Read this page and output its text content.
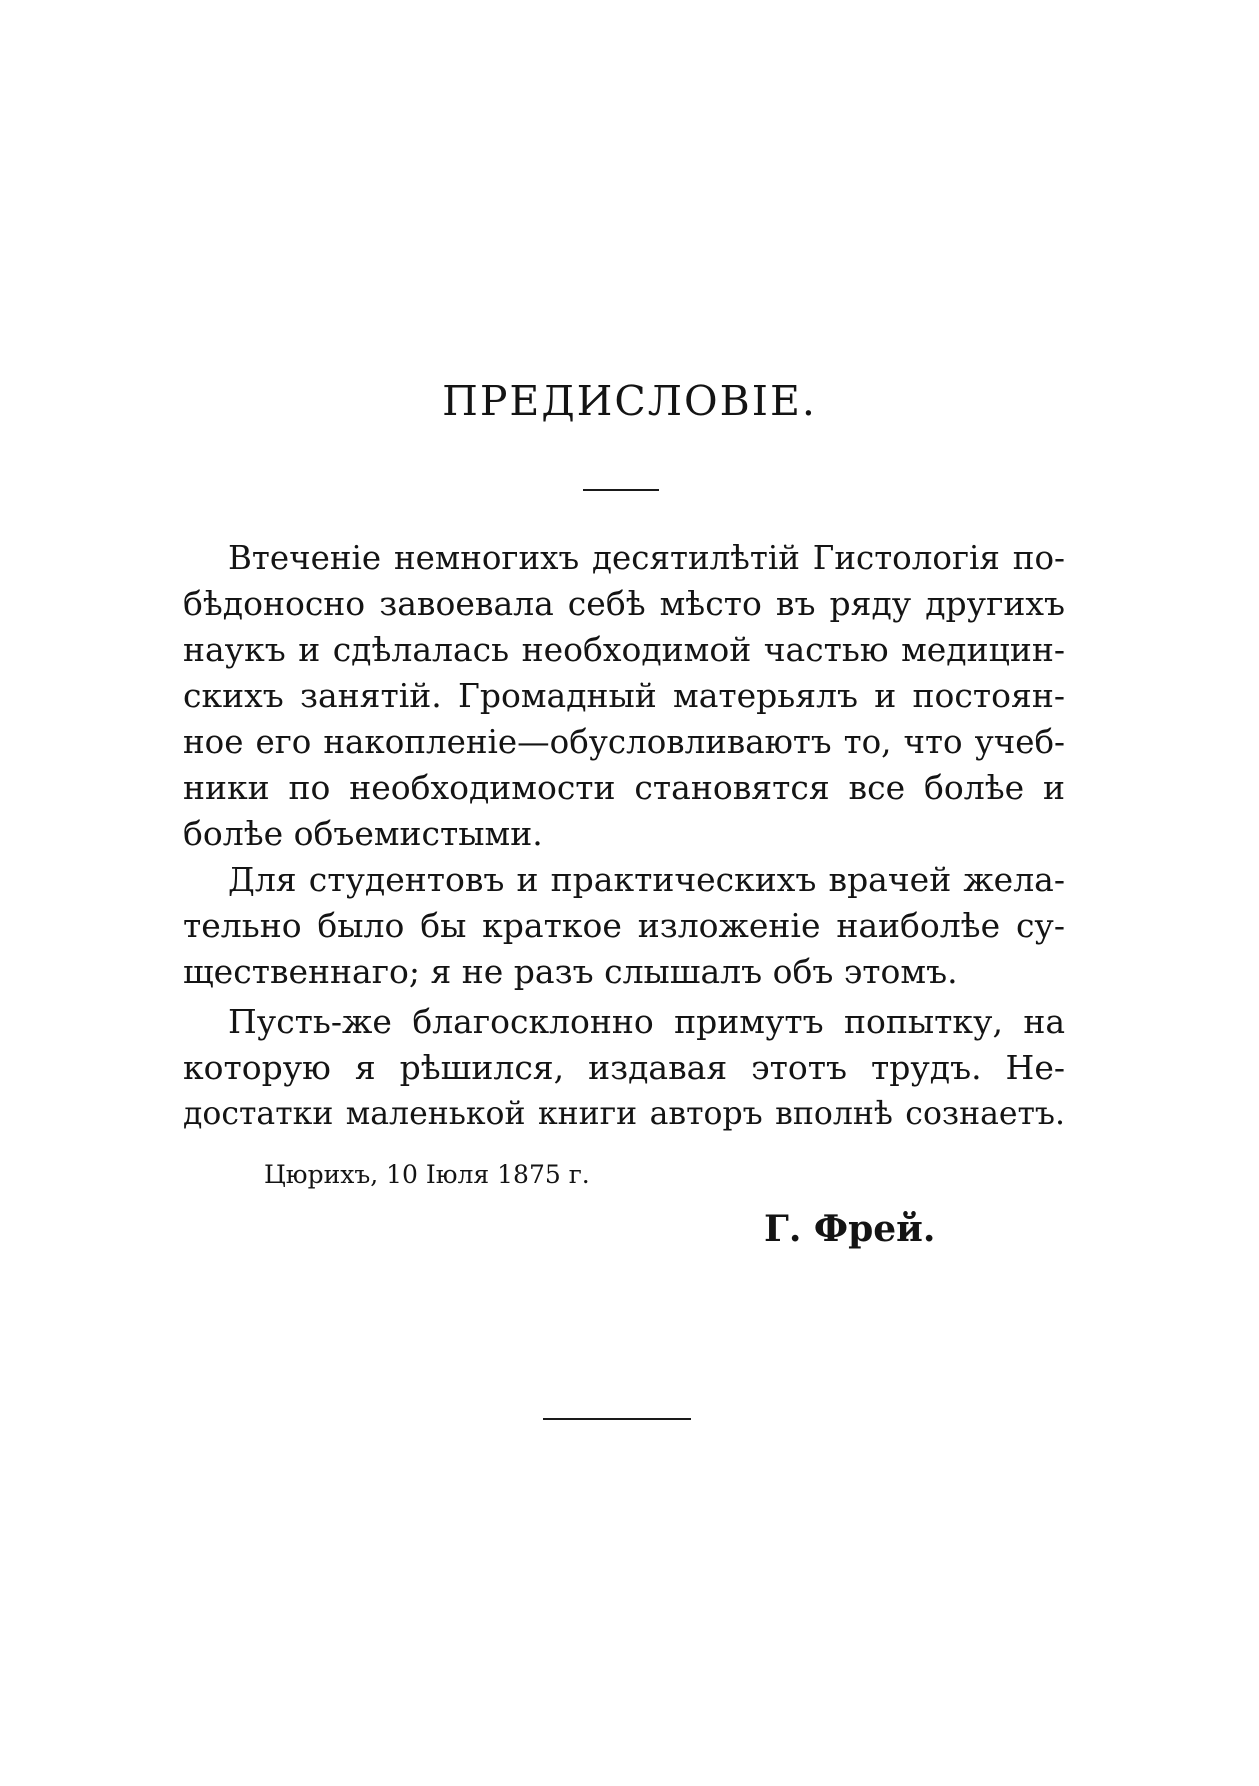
ПРЕДИСЛОВІЕ.

Втеченіе немногихъ десятилѣтій Гистологія по-

бѣдоносно завоевала себѣ мѣсто въ ряду другихъ

наукъ и сдѣлалась необходимой частью медицин-

скихъ занятій. Громадный матерьялъ и постоян-

ное его накопленіе—обусловливаютъ то, что учеб-

ники по необходимости становятся все болѣе и

болѣе объемистыми.

Для студентовъ и практическихъ врачей жела-

тельно было бы краткое изложеніе наиболѣе су-

щественнаго; я не разъ слышалъ объ этомъ.

Пусть-же благосклонно примутъ попытку, на

которую я рѣшился, издавая этотъ трудъ. Не-

достатки маленькой книги авторъ вполнѣ сознаетъ.

Цюрихъ, 10 Іюля 1875 г.

Г. Фрей.
